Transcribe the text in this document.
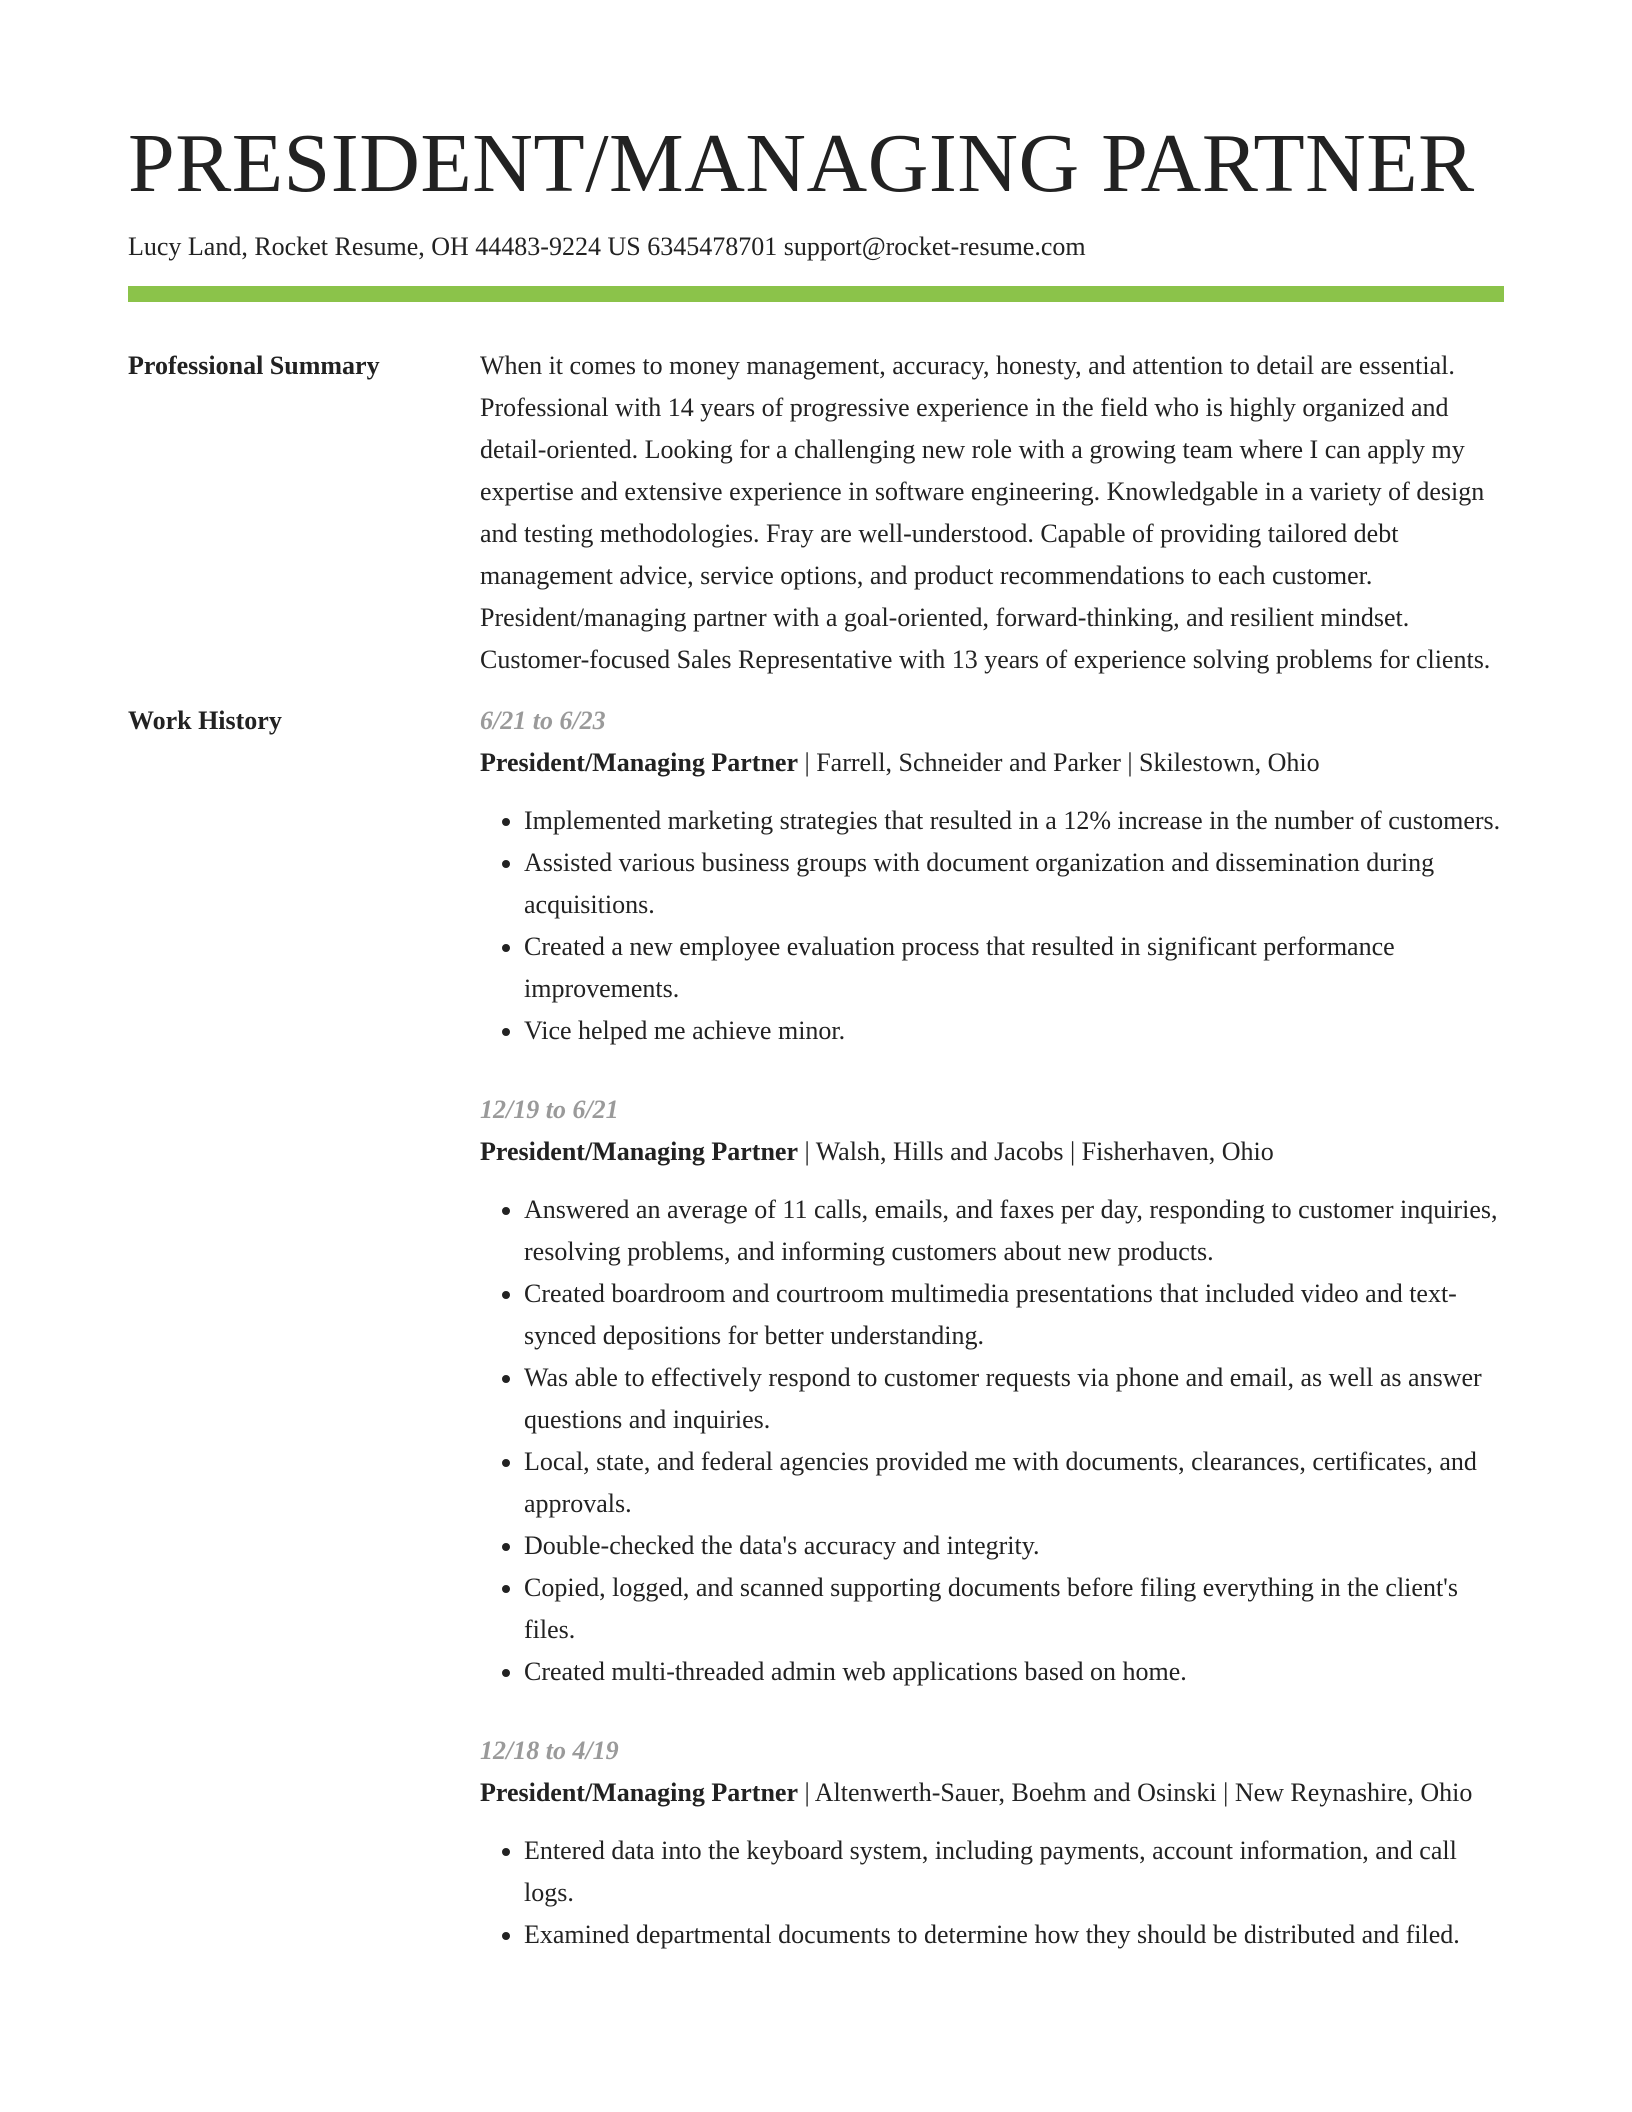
PRESIDENT/MANAGING PARTNER
Lucy Land, Rocket Resume, OH 44483-9224 US 6345478701 support@rocket-resume.com
Professional Summary	When it comes to money management, accuracy, honesty, and attention to detail are essential. Professional with 14 years of progressive experience in the field who is highly organized and detail-oriented. Looking for a challenging new role with a growing team where I can apply my expertise and extensive experience in software engineering. Knowledgable in a variety of design and testing methodologies. Fray are well-understood. Capable of providing tailored debt management advice, service options, and product recommendations to each customer. President/managing partner with a goal-oriented, forward-thinking, and resilient mindset. Customer-focused Sales Representative with 13 years of experience solving problems for clients.

Work History	6/21 to 6/23
President/Managing Partner | Farrell, Schneider and Parker | Skilestown, Ohio
• Implemented marketing strategies that resulted in a 12% increase in the number of customers.
• Assisted various business groups with document organization and dissemination during acquisitions.
• Created a new employee evaluation process that resulted in significant performance improvements.
• Vice helped me achieve minor.
12/19 to 6/21
President/Managing Partner | Walsh, Hills and Jacobs | Fisherhaven, Ohio
• Answered an average of 11 calls, emails, and faxes per day, responding to customer inquiries, resolving problems, and informing customers about new products.
• Created boardroom and courtroom multimedia presentations that included video and text-synced depositions for better understanding.
• Was able to effectively respond to customer requests via phone and email, as well as answer questions and inquiries.
• Local, state, and federal agencies provided me with documents, clearances, certificates, and approvals.
• Double-checked the data's accuracy and integrity.
• Copied, logged, and scanned supporting documents before filing everything in the client's files.
• Created multi-threaded admin web applications based on home.
12/18 to 4/19
President/Managing Partner | Altenwerth-Sauer, Boehm and Osinski | New Reynashire, Ohio
• Entered data into the keyboard system, including payments, account information, and call logs.
• Examined departmental documents to determine how they should be distributed and filed.
